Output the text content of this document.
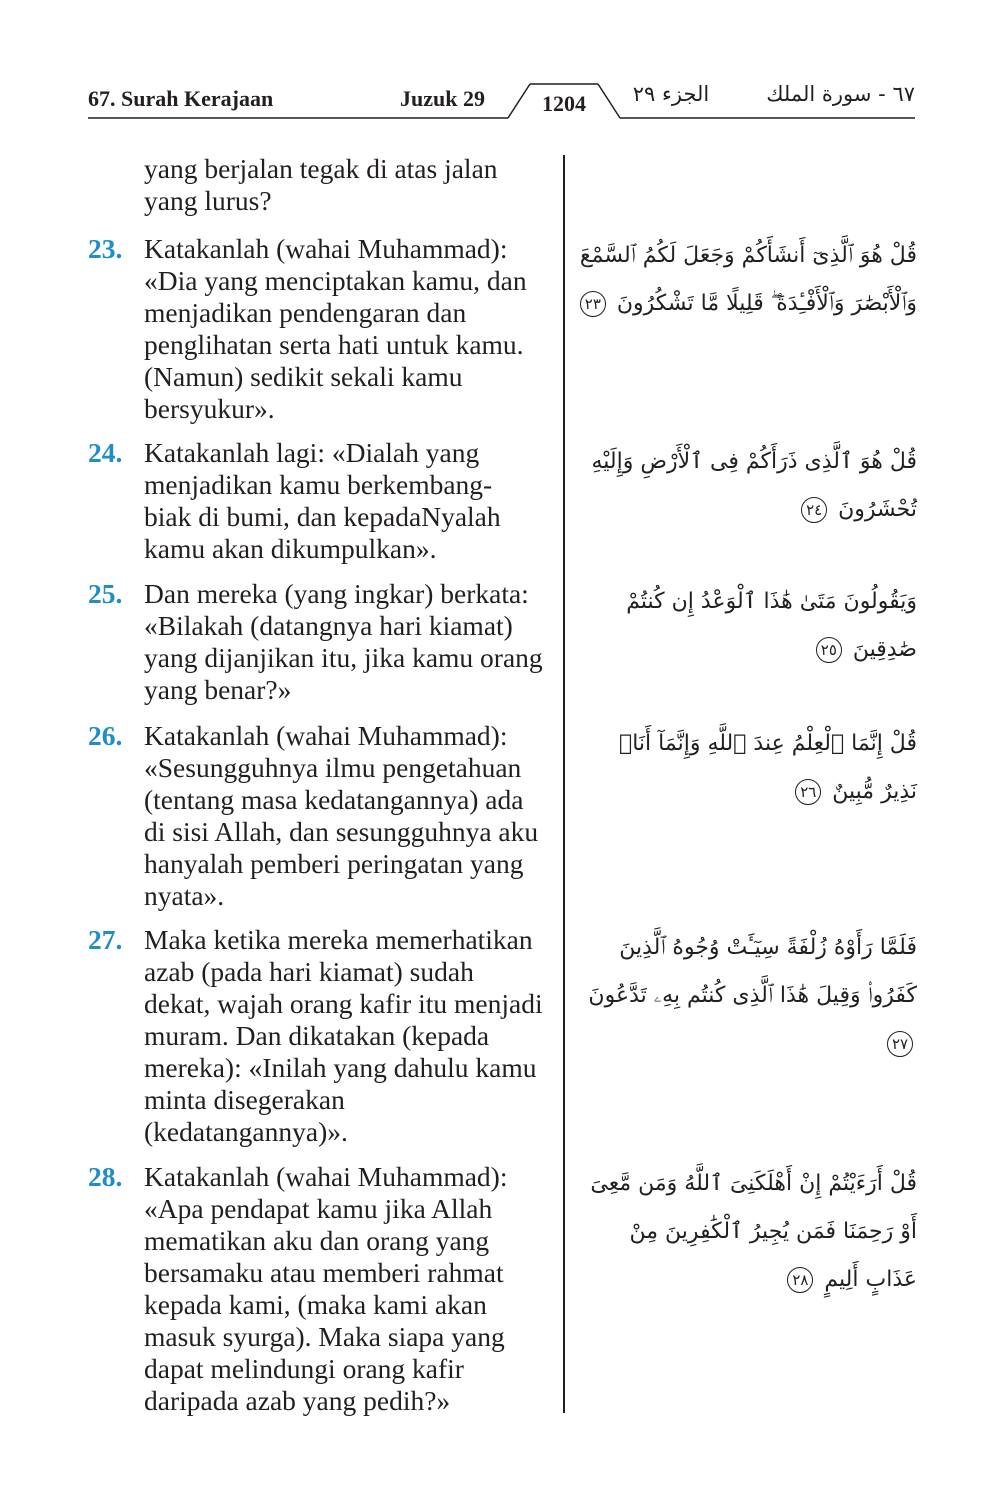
67. Surah Kerajaan	Juzuk 29	1204	الجزء ٢٩	٦٧ - سورة الملك
yang berjalan tegak di atas jalan yang lurus?
23. Katakanlah (wahai Muhammad): «Dia yang menciptakan kamu, dan menjadikan pendengaran dan penglihatan serta hati untuk kamu. (Namun) sedikit sekali kamu bersyukur».
24. Katakanlah lagi: «Dialah yang menjadikan kamu berkembang-biak di bumi, dan kepadaNyalah kamu akan dikumpulkan».
25. Dan mereka (yang ingkar) berkata: «Bilakah (datangnya hari kiamat) yang dijanjikan itu, jika kamu orang yang benar?»
26. Katakanlah (wahai Muhammad): «Sesungguhnya ilmu pengetahuan (tentang masa kedatangannya) ada di sisi Allah, dan sesungguhnya aku hanyalah pemberi peringatan yang nyata».
27. Maka ketika mereka memerhatikan azab (pada hari kiamat) sudah dekat, wajah orang kafir itu menjadi muram. Dan dikatakan (kepada mereka): «Inilah yang dahulu kamu minta disegerakan (kedatangannya)».
28. Katakanlah (wahai Muhammad): «Apa pendapat kamu jika Allah mematikan aku dan orang yang bersamaku atau memberi rahmat kepada kami, (maka kami akan masuk syurga). Maka siapa yang dapat melindungi orang kafir daripada azab yang pedih?»
قُلْ هُوَ ٱلَّذِىٓ أَنشَأَكُمْ وَجَعَلَ لَكُمُ ٱلسَّمْعَ وَٱلْأَبْصَٰرَ وَٱلْأَفْـِٔدَةَ ۖ قَلِيلًا مَّا تَشْكُرُونَ ٢٣
قُلْ هُوَ ٱلَّذِى ذَرَأَكُمْ فِى ٱلْأَرْضِ وَإِلَيْهِ تُحْشَرُونَ ٢٤
وَيَقُولُونَ مَتَىٰ هَٰذَا ٱلْوَعْدُ إِن كُنتُمْ صَٰدِقِينَ ٢٥
قُلْ إِنَّمَا ٱلْعِلْمُ عِندَ ٱللَّهِ وَإِنَّمَآ أَنَا۠ نَذِيرٌ مُّبِينٌ ٢٦
فَلَمَّا رَأَوْهُ زُلْفَةً سِيٓـَٔتْ وُجُوهُ ٱلَّذِينَ كَفَرُوا۟ وَقِيلَ هَٰذَا ٱلَّذِى كُنتُم بِهِۦ تَدَّعُونَ ٢٧
قُلْ أَرَءَيْتُمْ إِنْ أَهْلَكَنِىَ ٱللَّهُ وَمَن مَّعِىَ أَوْ رَحِمَنَا فَمَن يُجِيرُ ٱلْكَٰفِرِينَ مِنْ عَذَابٍ أَلِيمٍ ٢٨
